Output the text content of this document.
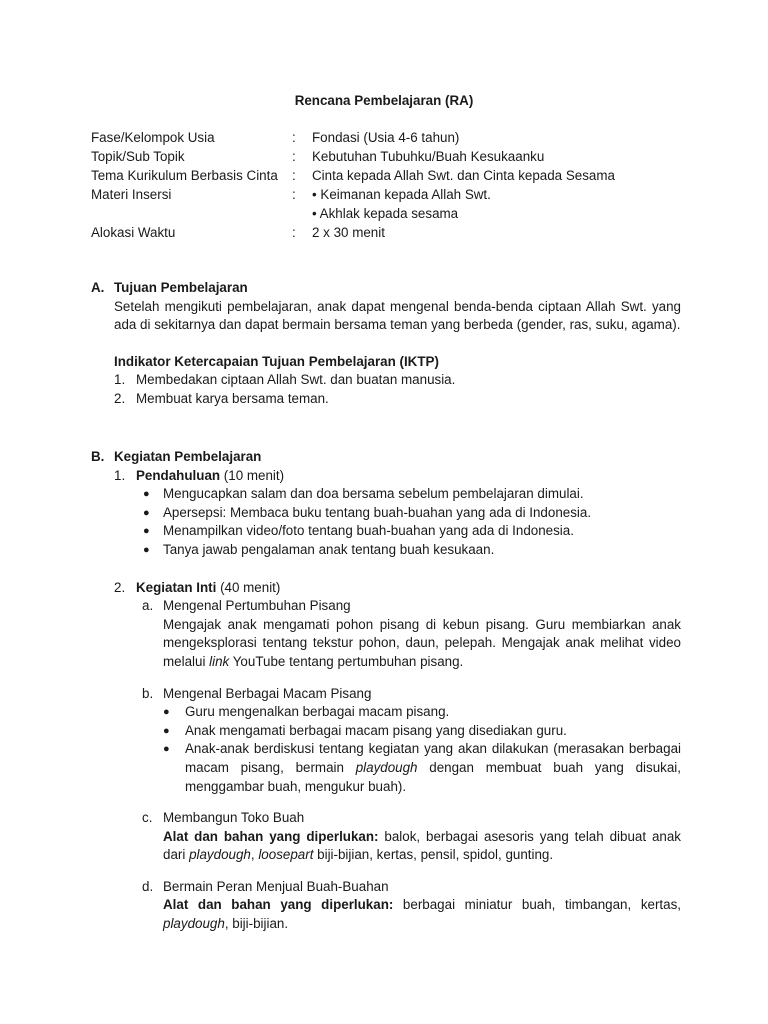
Rencana Pembelajaran (RA)
Fase/Kelompok Usia	:	Fondasi (Usia 4-6 tahun)
Topik/Sub Topik	:	Kebutuhan Tubuhku/Buah Kesukaanku
Tema Kurikulum Berbasis Cinta	:	Cinta kepada Allah Swt. dan Cinta kepada Sesama
Materi Insersi	:	• Keimanan kepada Allah Swt.
• Akhlak kepada sesama
Alokasi Waktu	:	2 x 30 menit
A. Tujuan Pembelajaran
Setelah mengikuti pembelajaran, anak dapat mengenal benda-benda ciptaan Allah Swt. yang ada di sekitarnya dan dapat bermain bersama teman yang berbeda (gender, ras, suku, agama).
Indikator Ketercapaian Tujuan Pembelajaran (IKTP)
1. Membedakan ciptaan Allah Swt. dan buatan manusia.
2. Membuat karya bersama teman.
B. Kegiatan Pembelajaran
1. Pendahuluan (10 menit)
● Mengucapkan salam dan doa bersama sebelum pembelajaran dimulai.
● Apersepsi: Membaca buku tentang buah-buahan yang ada di Indonesia.
● Menampilkan video/foto tentang buah-buahan yang ada di Indonesia.
● Tanya jawab pengalaman anak tentang buah kesukaan.
2. Kegiatan Inti (40 menit)
a. Mengenal Pertumbuhan Pisang
Mengajak anak mengamati pohon pisang di kebun pisang. Guru membiarkan anak mengeksplorasi tentang tekstur pohon, daun, pelepah. Mengajak anak melihat video melalui link YouTube tentang pertumbuhan pisang.
b. Mengenal Berbagai Macam Pisang
●	Guru mengenalkan berbagai macam pisang.
●	Anak mengamati berbagai macam pisang yang disediakan guru.
●	Anak-anak berdiskusi tentang kegiatan yang akan dilakukan (merasakan berbagai macam pisang, bermain playdough dengan membuat buah yang disukai, menggambar buah, mengukur buah).
c. Membangun Toko Buah
Alat dan bahan yang diperlukan: balok, berbagai asesoris yang telah dibuat anak dari playdough, loosepart biji-bijian, kertas, pensil, spidol, gunting.
d. Bermain Peran Menjual Buah-Buahan
Alat dan bahan yang diperlukan: berbagai miniatur buah, timbangan, kertas, playdough, biji-bijian.
